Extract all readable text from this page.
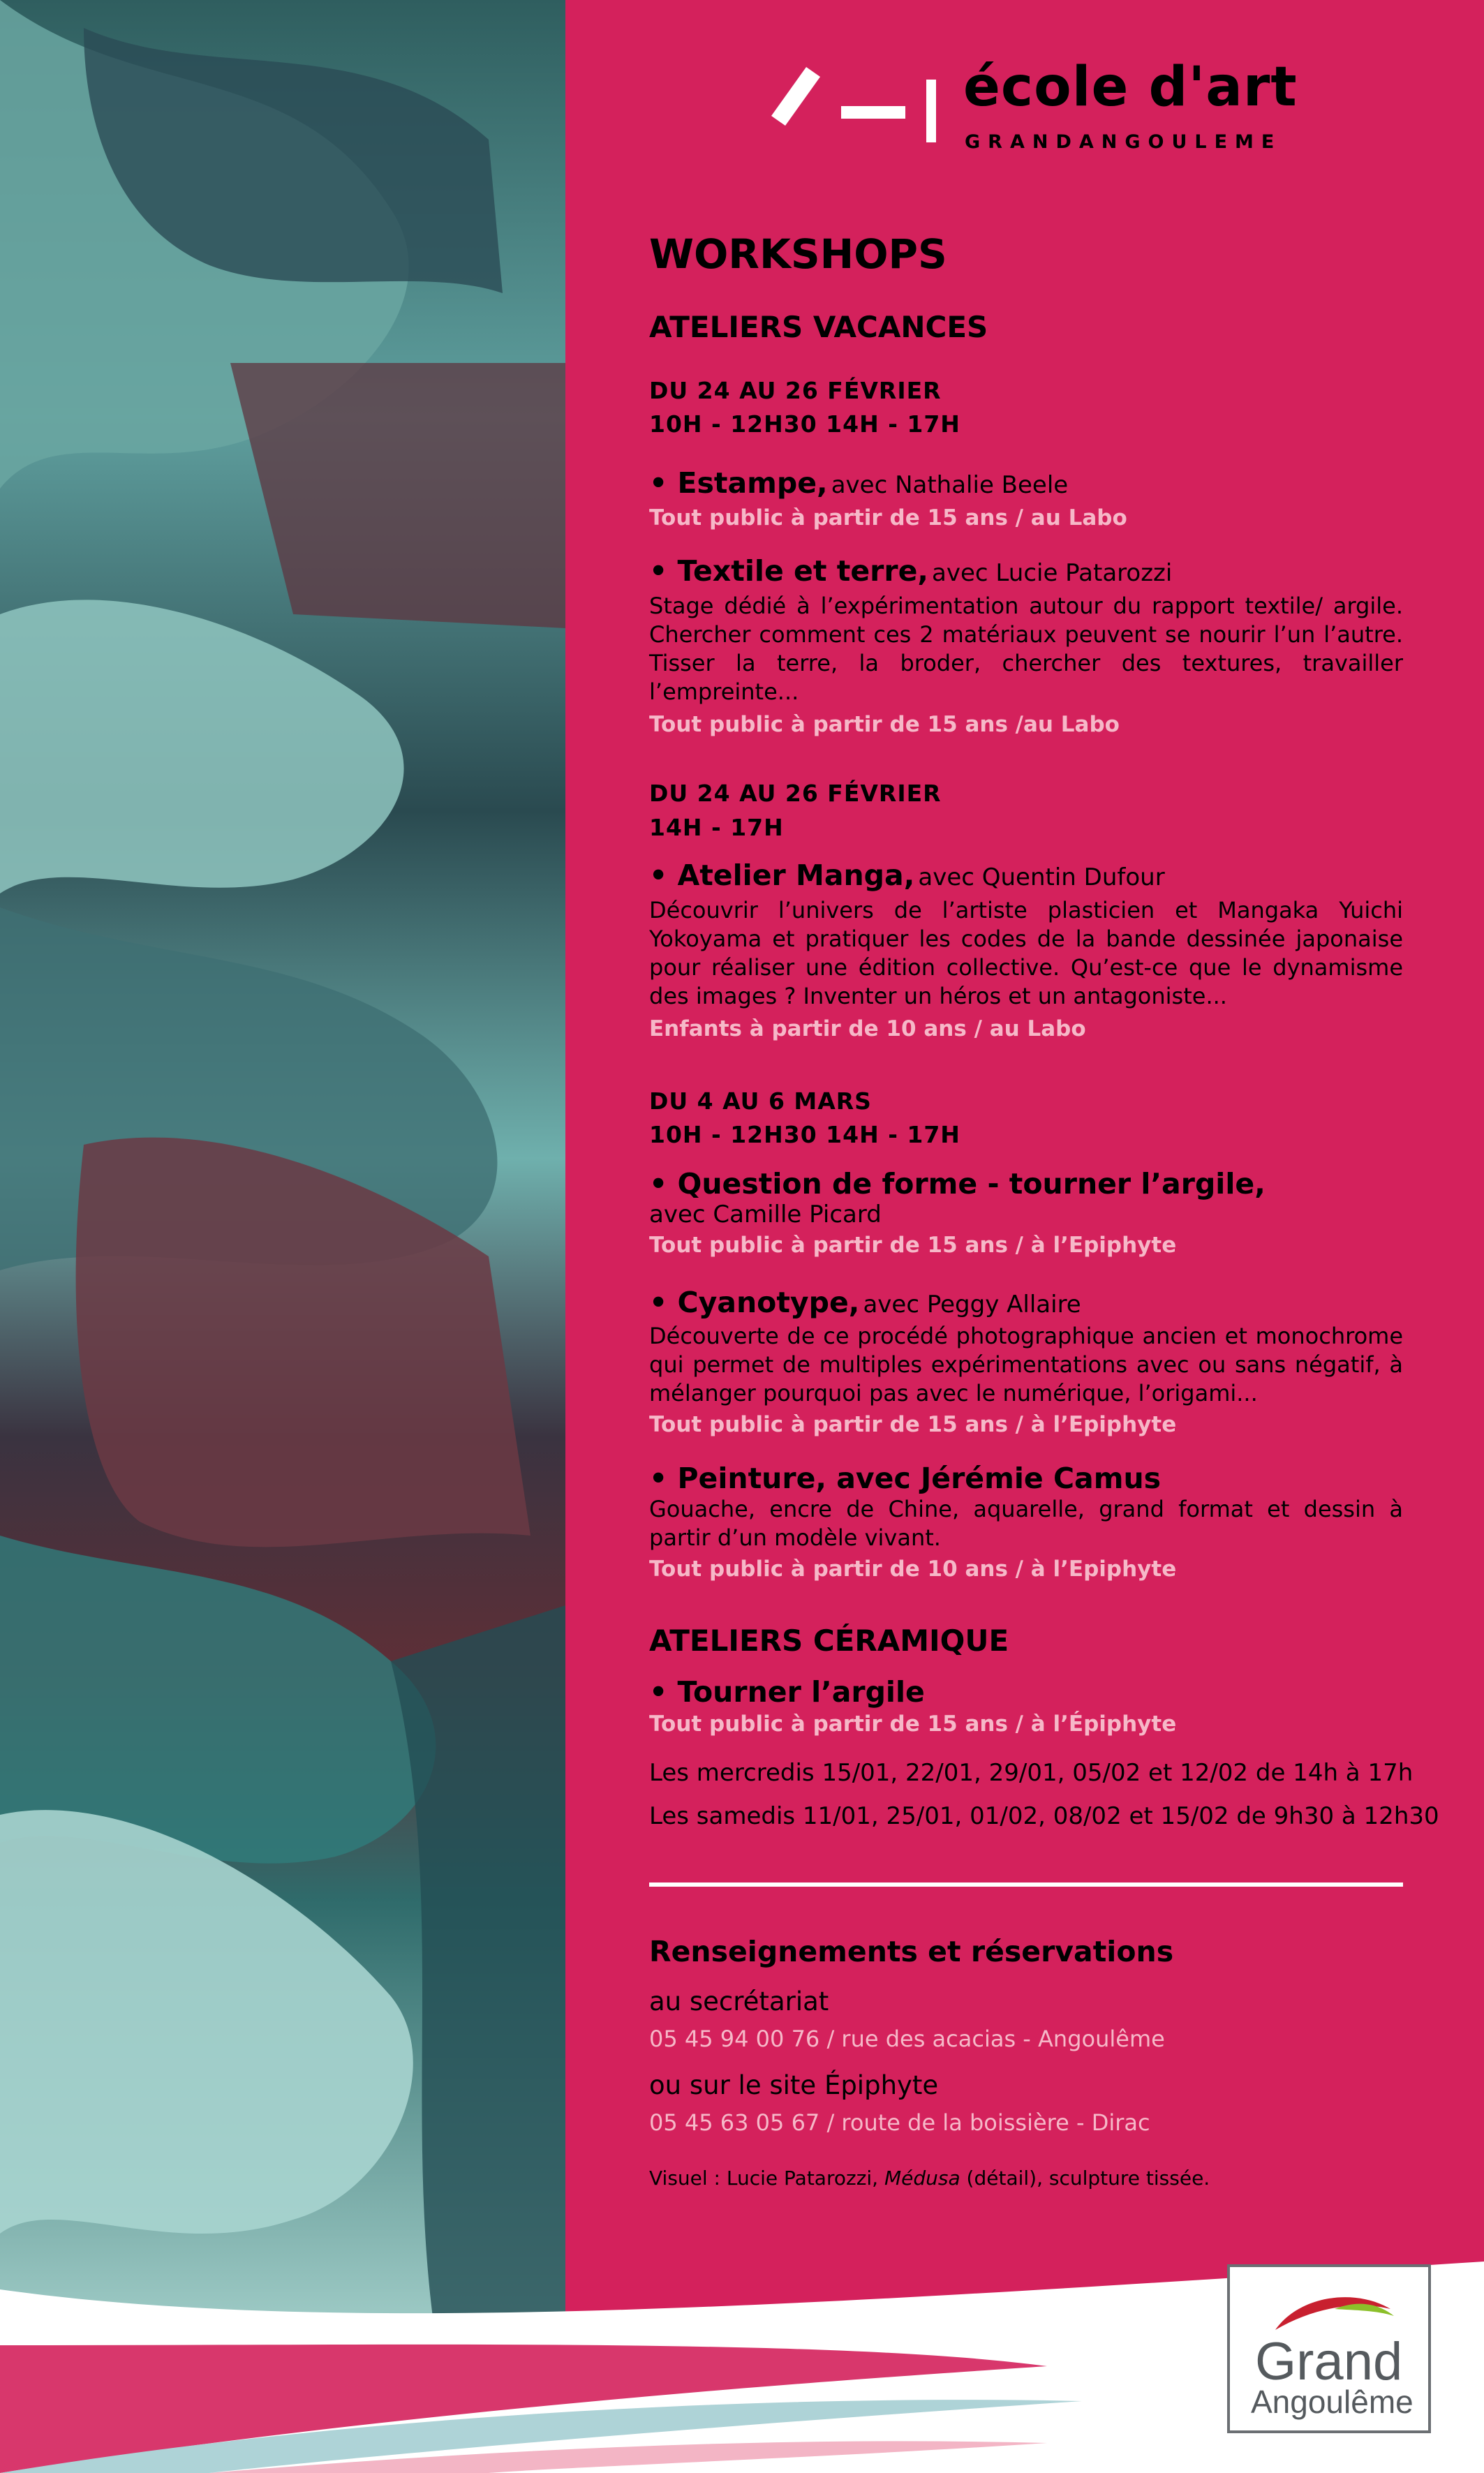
école d'art
GRANDANGOULEME
WORKSHOPS
ATELIERS VACANCES
DU 24 AU 26 FÉVRIER
10H - 12H30 14H - 17H
• Estampe, avec Nathalie Beele
Tout public à partir de 15 ans / au Labo
• Textile et terre, avec Lucie Patarozzi
Stage dédié à l’expérimentation autour du rapport textile/ argile. Chercher comment ces 2 matériaux peuvent se nourir l’un l’autre. Tisser la terre, la broder, chercher des textures, travailler l’empreinte...
Tout public à partir de 15 ans /au Labo
DU 24 AU 26 FÉVRIER
14H - 17H
• Atelier Manga, avec Quentin Dufour
Découvrir l’univers de l’artiste plasticien et Mangaka Yuichi Yokoyama et pratiquer les codes de la bande dessinée japonaise pour réaliser une édition collective. Qu’est-ce que le dynamisme des images ? Inventer un héros et un antagoniste...
Enfants à partir de 10 ans / au Labo
DU 4 AU 6 MARS
10H - 12H30 14H - 17H
• Question de forme - tourner l’argile,
avec Camille Picard
Tout public à partir de 15 ans / à l’Epiphyte
• Cyanotype, avec Peggy Allaire
Découverte de ce procédé photographique ancien et monochrome qui permet de multiples expérimentations avec ou sans négatif, à mélanger pourquoi pas avec le numérique, l’origami...
Tout public à partir de 15 ans / à l’Epiphyte
• Peinture, avec Jérémie Camus
Gouache, encre de Chine, aquarelle, grand format et dessin à partir d’un modèle vivant.
Tout public à partir de 10 ans / à l’Epiphyte
ATELIERS CÉRAMIQUE
• Tourner l’argile
Tout public à partir de 15 ans / à l’Épiphyte
Les mercredis 15/01, 22/01, 29/01, 05/02 et 12/02 de 14h à 17h
Les samedis 11/01, 25/01, 01/02, 08/02 et 15/02 de 9h30 à 12h30
Renseignements et réservations
au secrétariat
05 45 94 00 76 / rue des acacias - Angoulême
ou sur le site Épiphyte
05 45 63 05 67 / route de la boissière - Dirac
Visuel : Lucie Patarozzi, Médusa (détail), sculpture tissée.
Grand
Angoulême
